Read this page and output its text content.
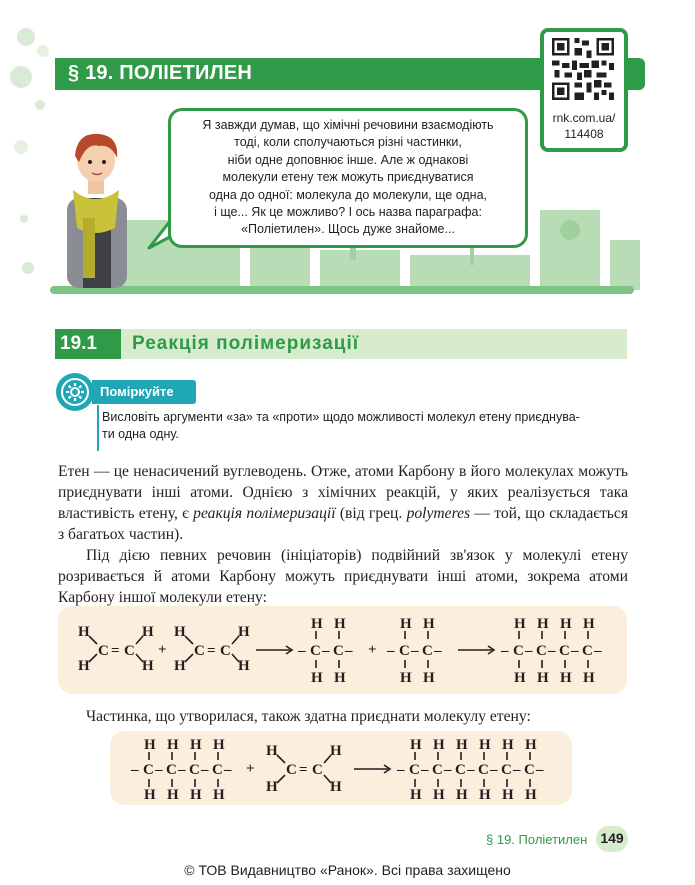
§ 19. ПОЛІЕТИЛЕН
Я завжди думав, що хімічні речовини взаємодіють
тоді, коли сполучаються різні частинки,
ніби одне доповнює інше. Але ж однакові
молекули етену теж можуть приєднуватися
одна до одної: молекула до молекули, ще одна,
і ще... Як це можливо? І ось назва параграфа:
«Поліетилен». Щось дуже знайоме...
rnk.com.ua/
114408
19.1 Реакція полімеризації
Поміркуйте
Висловіть аргументи «за» та «проти» щодо можливості молекул етену приєднува-
ти одна одну.
Етен — це ненасичений вуглеводень. Отже, атоми Карбону в його молекулах можуть приєднувати інші атоми. Однією з хімічних реакцій, у яких реалізується така властивість етену, є реакція полімеризації (від грец. polymeres — той, що складається з багатьох частин).
Під дією певних речовин (ініціаторів) подвійний зв'язок у молекулі етену розривається й атоми Карбону можуть приєднувати інші атоми, зокрема атоми Карбону іншої молекули етену:
H
H
C = C
H
H
+
H
H
C = C
H
H
H H
– C – C –
H H
+
H H
– C – C –
H H
H H H H
– C – C – C – C –
H H H H
Частинка, що утворилася, також здатна приєднати молекулу етену:
H H H H
– C – C – C – C –
H H H H
+
H
H
C = C
H
H
H H H H H H
– C – C – C – C – C – C –
H H H H H H
§ 19. Поліетилен 149
© ТОВ Видавництво «Ранок». Всі права захищено
